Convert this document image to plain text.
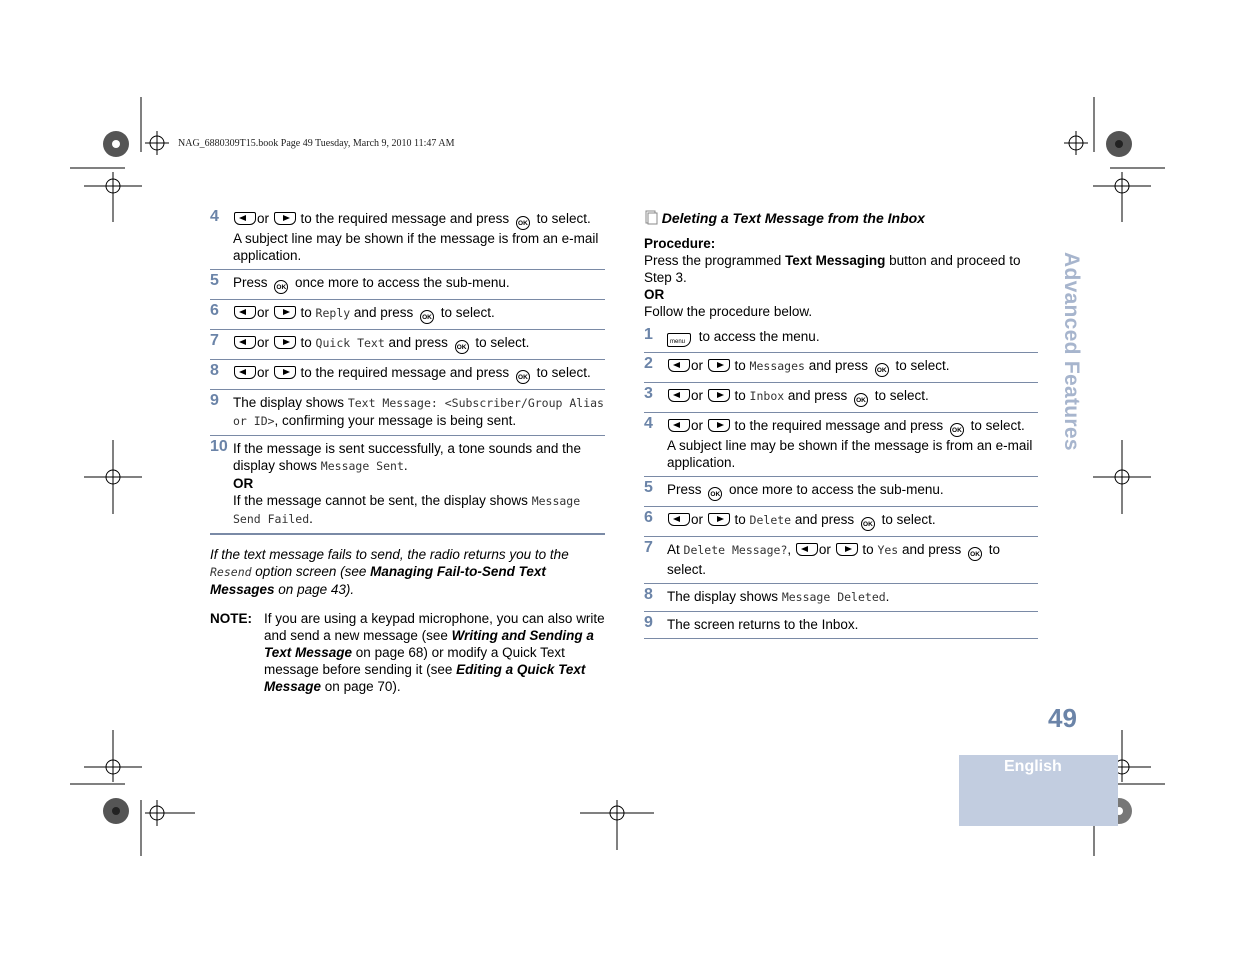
NAG_6880309T15.book Page 49 Tuesday, March 9, 2010 11:47 AM
4	or
to the required message and press OK to select.
A subject line may be shown if the message is from an e-mail application.
5	Press OK once more to access the sub-menu.
6	or
to Reply and press OK to select.
7	or
to Quick Text and press OK to select.
8	or
to the required message and press OK to select.
9	The display shows Text Message: <Subscriber/Group Alias or ID>, confirming your message is being sent.
10 If the message is sent successfully, a tone sounds and the display shows Message Sent.
OR
If the message cannot be sent, the display shows Message Send Failed.
If the text message fails to send, the radio returns you to the Resend option screen (see Managing Fail-to-Send Text Messages on page 43).
NOTE: If you are using a keypad microphone, you can also write and send a new message (see Writing and Sending a Text Message on page 68) or modify a Quick Text message before sending it (see Editing a Quick Text Message on page 70).
Deleting a Text Message from the Inbox
Procedure:
Press the programmed Text Messaging button and proceed to Step 3.
OR
Follow the procedure below.
1	menu to access the menu.
2	or
to Messages and press OK to select.
3	or
to Inbox and press OK to select.
4	or
to the required message and press OK to select.
A subject line may be shown if the message is from an e-mail application.
5	Press OK once more to access the sub-menu.
6	or
to Delete and press OK to select.
7	At Delete Message?,
or
to Yes and press OK to select.
8	The display shows Message Deleted.
9	The screen returns to the Inbox.
Advanced Features
49
English
